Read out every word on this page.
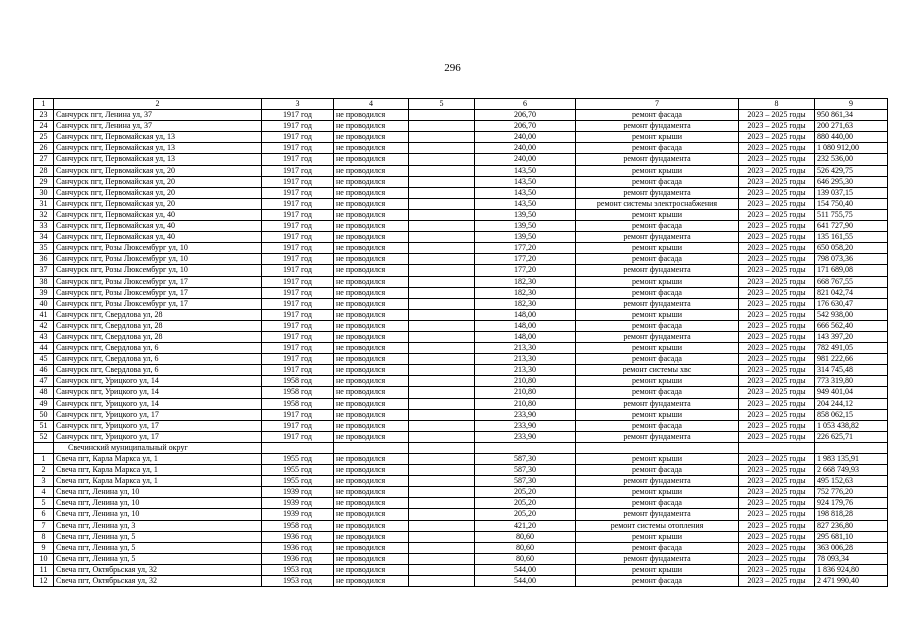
296
1	2	3	4	5	6	7	8	9
23	Санчурск пгт, Ленина ул, 37	1917 год	не проводился		206,70	ремонт фасада	2023 – 2025 годы	950 861,34
24	Санчурск пгт, Ленина ул, 37	1917 год	не проводился		206,70	ремонт фундамента	2023 – 2025 годы	200 271,63
25	Санчурск пгт, Первомайская ул, 13	1917 год	не проводился		240,00	ремонт крыши	2023 – 2025 годы	880 440,00
26	Санчурск пгт, Первомайская ул, 13	1917 год	не проводился		240,00	ремонт фасада	2023 – 2025 годы	1 080 912,00
27	Санчурск пгт, Первомайская ул, 13	1917 год	не проводился		240,00	ремонт фундамента	2023 – 2025 годы	232 536,00
28	Санчурск пгт, Первомайская ул, 20	1917 год	не проводился		143,50	ремонт крыши	2023 – 2025 годы	526 429,75
29	Санчурск пгт, Первомайская ул, 20	1917 год	не проводился		143,50	ремонт фасада	2023 – 2025 годы	646 295,30
30	Санчурск пгт, Первомайская ул, 20	1917 год	не проводился		143,50	ремонт фундамента	2023 – 2025 годы	139 037,15
31	Санчурск пгт, Первомайская ул, 20	1917 год	не проводился		143,50	ремонт системы электроснабжения	2023 – 2025 годы	154 750,40
32	Санчурск пгт, Первомайская ул, 40	1917 год	не проводился		139,50	ремонт крыши	2023 – 2025 годы	511 755,75
33	Санчурск пгт, Первомайская ул, 40	1917 год	не проводился		139,50	ремонт фасада	2023 – 2025 годы	641 727,90
34	Санчурск пгт, Первомайская ул, 40	1917 год	не проводился		139,50	ремонт фундамента	2023 – 2025 годы	135 161,55
35	Санчурск пгт, Розы Люксембург ул, 10	1917 год	не проводился		177,20	ремонт крыши	2023 – 2025 годы	650 058,20
36	Санчурск пгт, Розы Люксембург ул, 10	1917 год	не проводился		177,20	ремонт фасада	2023 – 2025 годы	798 073,36
37	Санчурск пгт, Розы Люксембург ул, 10	1917 год	не проводился		177,20	ремонт фундамента	2023 – 2025 годы	171 689,08
38	Санчурск пгт, Розы Люксембург ул, 17	1917 год	не проводился		182,30	ремонт крыши	2023 – 2025 годы	668 767,55
39	Санчурск пгт, Розы Люксембург ул, 17	1917 год	не проводился		182,30	ремонт фасада	2023 – 2025 годы	821 042,74
40	Санчурск пгт, Розы Люксембург ул, 17	1917 год	не проводился		182,30	ремонт фундамента	2023 – 2025 годы	176 630,47
41	Санчурск пгт, Свердлова ул, 28	1917 год	не проводился		148,00	ремонт крыши	2023 – 2025 годы	542 938,00
42	Санчурск пгт, Свердлова ул, 28	1917 год	не проводился		148,00	ремонт фасада	2023 – 2025 годы	666 562,40
43	Санчурск пгт, Свердлова ул, 28	1917 год	не проводился		148,00	ремонт фундамента	2023 – 2025 годы	143 397,20
44	Санчурск пгт, Свердлова ул, 6	1917 год	не проводился		213,30	ремонт крыши	2023 – 2025 годы	782 491,05
45	Санчурск пгт, Свердлова ул, 6	1917 год	не проводился		213,30	ремонт фасада	2023 – 2025 годы	981 222,66
46	Санчурск пгт, Свердлова ул, 6	1917 год	не проводился		213,30	ремонт системы хвс	2023 – 2025 годы	314 745,48
47	Санчурск пгт, Урицкого ул, 14	1958 год	не проводился		210,80	ремонт крыши	2023 – 2025 годы	773 319,80
48	Санчурск пгт, Урицкого ул, 14	1958 год	не проводился		210,80	ремонт фасада	2023 – 2025 годы	949 401,04
49	Санчурск пгт, Урицкого ул, 14	1958 год	не проводился		210,80	ремонт фундамента	2023 – 2025 годы	204 244,12
50	Санчурск пгт, Урицкого ул, 17	1917 год	не проводился		233,90	ремонт крыши	2023 – 2025 годы	858 062,15
51	Санчурск пгт, Урицкого ул, 17	1917 год	не проводился		233,90	ремонт фасада	2023 – 2025 годы	1 053 438,82
52	Санчурск пгт, Урицкого ул, 17	1917 год	не проводился		233,90	ремонт фундамента	2023 – 2025 годы	226 625,71
	Свечинский муниципальный округ							
1	Свеча пгт, Карла Маркса ул, 1	1955 год	не проводился		587,30	ремонт крыши	2023 – 2025 годы	1 983 135,91
2	Свеча пгт, Карла Маркса ул, 1	1955 год	не проводился		587,30	ремонт фасада	2023 – 2025 годы	2 668 749,93
3	Свеча пгт, Карла Маркса ул, 1	1955 год	не проводился		587,30	ремонт фундамента	2023 – 2025 годы	495 152,63
4	Свеча пгт, Ленина ул, 10	1939 год	не проводился		205,20	ремонт крыши	2023 – 2025 годы	752 776,20
5	Свеча пгт, Ленина ул, 10	1939 год	не проводился		205,20	ремонт фасада	2023 – 2025 годы	924 179,76
6	Свеча пгт, Ленина ул, 10	1939 год	не проводился		205,20	ремонт фундамента	2023 – 2025 годы	198 818,28
7	Свеча пгт, Ленина ул, 3	1958 год	не проводился		421,20	ремонт системы отопления	2023 – 2025 годы	827 236,80
8	Свеча пгт, Ленина ул, 5	1936 год	не проводился		80,60	ремонт крыши	2023 – 2025 годы	295 681,10
9	Свеча пгт, Ленина ул, 5	1936 год	не проводился		80,60	ремонт фасада	2023 – 2025 годы	363 006,28
10	Свеча пгт, Ленина ул, 5	1936 год	не проводился		80,60	ремонт фундамента	2023 – 2025 годы	78 093,34
11	Свеча пгт, Октябрьская ул, 32	1953 год	не проводился		544,00	ремонт крыши	2023 – 2025 годы	1 836 924,80
12	Свеча пгт, Октябрьская ул, 32	1953 год	не проводился		544,00	ремонт фасада	2023 – 2025 годы	2 471 990,40
